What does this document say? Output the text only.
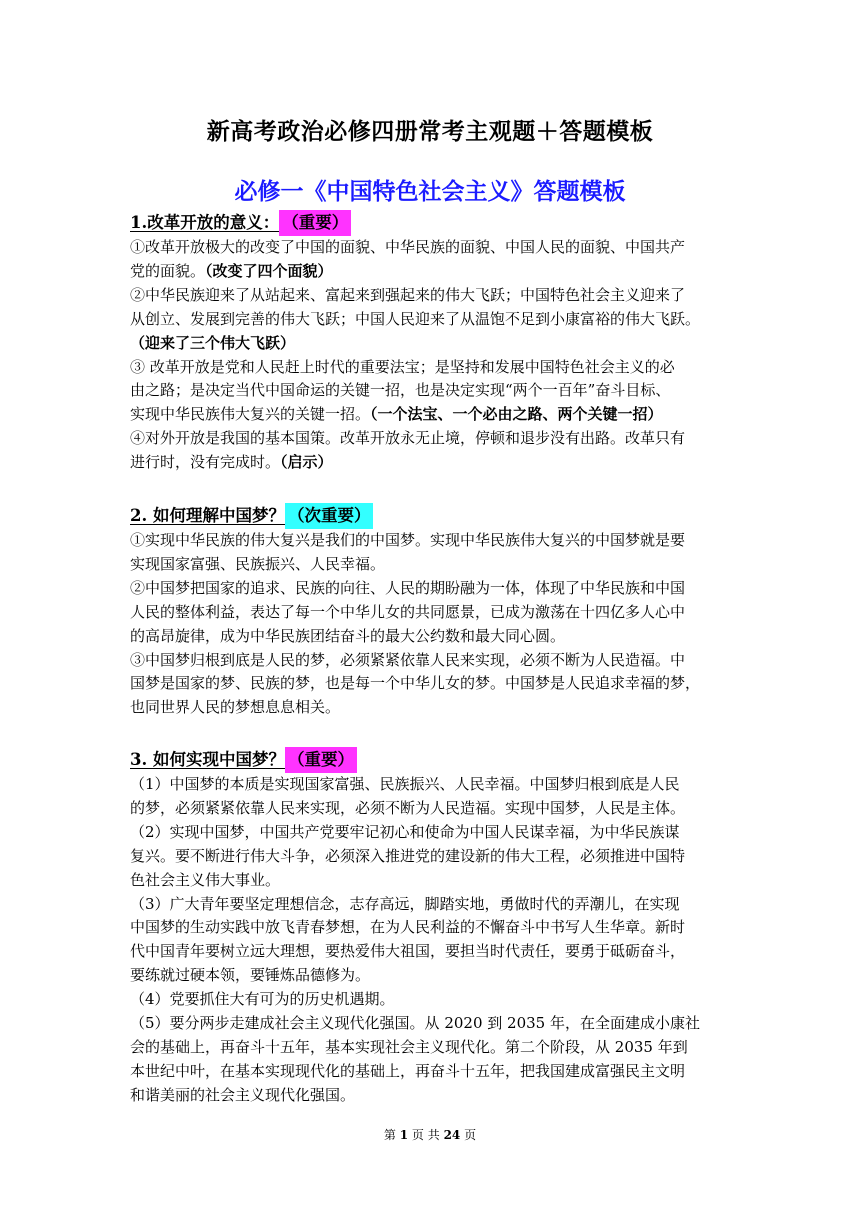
新高考政治必修四册常考主观题＋答题模板
必修一《中国特色社会主义》答题模板
1.改革开放的意义： （重要）
①改革开放极大的改变了中国的面貌、中华民族的面貌、中国人民的面貌、中国共产
党的面貌。（改变了四个面貌）
②中华民族迎来了从站起来、富起来到强起来的伟大飞跃；中国特色社会主义迎来了
从创立、发展到完善的伟大飞跃；中国人民迎来了从温饱不足到小康富裕的伟大飞跃。
（迎来了三个伟大飞跃）
③ 改革开放是党和人民赶上时代的重要法宝；是坚持和发展中国特色社会主义的必
由之路；是决定当代中国命运的关键一招，也是决定实现“两个一百年”奋斗目标、
实现中华民族伟大复兴的关键一招。（一个法宝、一个必由之路、两个关键一招）
④对外开放是我国的基本国策。改革开放永无止境，停顿和退步没有出路。改革只有
进行时，没有完成时。（启示）
2. 如何理解中国梦？ （次重要）
①实现中华民族的伟大复兴是我们的中国梦。实现中华民族伟大复兴的中国梦就是要
实现国家富强、民族振兴、人民幸福。
②中国梦把国家的追求、民族的向往、人民的期盼融为一体，体现了中华民族和中国
人民的整体利益，表达了每一个中华儿女的共同愿景，已成为激荡在十四亿多人心中
的高昂旋律，成为中华民族团结奋斗的最大公约数和最大同心圆。
③中国梦归根到底是人民的梦，必须紧紧依靠人民来实现，必须不断为人民造福。中
国梦是国家的梦、民族的梦，也是每一个中华儿女的梦。中国梦是人民追求幸福的梦，
也同世界人民的梦想息息相关。
3. 如何实现中国梦？ （重要）
（1）中国梦的本质是实现国家富强、民族振兴、人民幸福。中国梦归根到底是人民
的梦，必须紧紧依靠人民来实现，必须不断为人民造福。实现中国梦，人民是主体。
（2）实现中国梦，中国共产党要牢记初心和使命为中国人民谋幸福，为中华民族谋
复兴。要不断进行伟大斗争，必须深入推进党的建设新的伟大工程，必须推进中国特
色社会主义伟大事业。
（3）广大青年要坚定理想信念，志存高远，脚踏实地，勇做时代的弄潮儿，在实现
中国梦的生动实践中放飞青春梦想，在为人民利益的不懈奋斗中书写人生华章。新时
代中国青年要树立远大理想，要热爱伟大祖国，要担当时代责任，要勇于砥砺奋斗，
要练就过硬本领，要锤炼品德修为。
（4）党要抓住大有可为的历史机遇期。
（5）要分两步走建成社会主义现代化强国。从 2020 到 2035 年，在全面建成小康社
会的基础上，再奋斗十五年，基本实现社会主义现代化。第二个阶段，从 2035 年到
本世纪中叶，在基本实现现代化的基础上，再奋斗十五年，把我国建成富强民主文明
和谐美丽的社会主义现代化强国。
第 1 页 共 24 页
